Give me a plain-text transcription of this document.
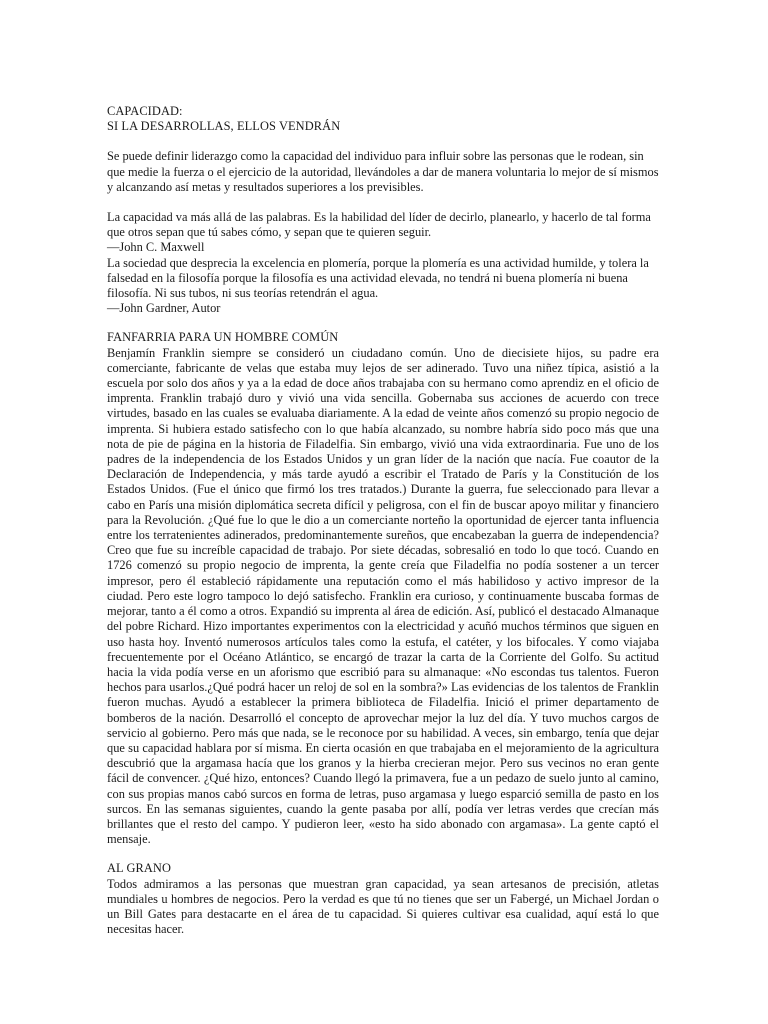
CAPACIDAD:

SI LA DESARROLLAS, ELLOS VENDRÁN

Se puede definir liderazgo como la capacidad del individuo para influir sobre las personas que le rodean, sin que medie la fuerza o el ejercicio de la autoridad, llevándoles a dar de manera voluntaria lo mejor de sí mismos y alcanzando así metas y resultados superiores a los previsibles.

La capacidad va más allá de las palabras. Es la habilidad del líder de decirlo, planearlo, y hacerlo de tal forma que otros sepan que tú sabes cómo, y sepan que te quieren seguir.

—John C. Maxwell

La sociedad que desprecia la excelencia en plomería, porque la plomería es una actividad humilde, y tolera la falsedad en la filosofía porque la filosofía es una actividad elevada, no tendrá ni buena plomería ni buena filosofía. Ni sus tubos, ni sus teorías retendrán el agua.

—John Gardner, Autor

FANFARRIA PARA UN HOMBRE COMÚN

Benjamín Franklin siempre se consideró un ciudadano común. Uno de diecisiete hijos, su padre era comerciante, fabricante de velas que estaba muy lejos de ser adinerado. Tuvo una niñez típica, asistió a la escuela por solo dos años y ya a la edad de doce años trabajaba con su hermano como aprendiz en el oficio de imprenta. Franklin trabajó duro y vivió una vida sencilla. Gobernaba sus acciones de acuerdo con trece virtudes, basado en las cuales se evaluaba diariamente. A la edad de veinte años comenzó su propio negocio de imprenta. Si hubiera estado satisfecho con lo que había alcanzado, su nombre habría sido poco más que una nota de pie de página en la historia de Filadelfia. Sin embargo, vivió una vida extraordinaria. Fue uno de los padres de la independencia de los Estados Unidos y un gran líder de la nación que nacía. Fue coautor de la Declaración de Independencia, y más tarde ayudó a escribir el Tratado de París y la Constitución de los Estados Unidos. (Fue el único que firmó los tres tratados.) Durante la guerra, fue seleccionado para llevar a cabo en París una misión diplomática secreta difícil y peligrosa, con el fin de buscar apoyo militar y financiero para la Revolución. ¿Qué fue lo que le dio a un comerciante norteño la oportunidad de ejercer tanta influencia entre los terratenientes adinerados, predominantemente sureños, que encabezaban la guerra de independencia? Creo que fue su increíble capacidad de trabajo. Por siete décadas, sobresalió en todo lo que tocó. Cuando en 1726 comenzó su propio negocio de imprenta, la gente creía que Filadelfia no podía sostener a un tercer impresor, pero él estableció rápidamente una reputación como el más habilidoso y activo impresor de la ciudad. Pero este logro tampoco lo dejó satisfecho. Franklin era curioso, y continuamente buscaba formas de mejorar, tanto a él como a otros. Expandió su imprenta al área de edición. Así, publicó el destacado Almanaque del pobre Richard. Hizo importantes experimentos con la electricidad y acuñó muchos términos que siguen en uso hasta hoy. Inventó numerosos artículos tales como la estufa, el catéter, y los bifocales. Y como viajaba frecuentemente por el Océano Atlántico, se encargó de trazar la carta de la Corriente del Golfo. Su actitud hacia la vida podía verse en un aforismo que escribió para su almanaque: «No escondas tus talentos. Fueron hechos para usarlos.¿Qué podrá hacer un reloj de sol en la sombra?» Las evidencias de los talentos de Franklin fueron muchas. Ayudó a establecer la primera biblioteca de Filadelfia. Inició el primer departamento de bomberos de la nación. Desarrolló el concepto de aprovechar mejor la luz del día. Y tuvo muchos cargos de servicio al gobierno. Pero más que nada, se le reconoce por su habilidad. A veces, sin embargo, tenía que dejar que su capacidad hablara por sí misma. En cierta ocasión en que trabajaba en el mejoramiento de la agricultura descubrió que la argamasa hacía que los granos y la hierba crecieran mejor. Pero sus vecinos no eran gente fácil de convencer. ¿Qué hizo, entonces? Cuando llegó la primavera, fue a un pedazo de suelo junto al camino, con sus propias manos cabó surcos en forma de letras, puso argamasa y luego esparció semilla de pasto en los surcos. En las semanas siguientes, cuando la gente pasaba por allí, podía ver letras verdes que crecían más brillantes que el resto del campo. Y pudieron leer, «esto ha sido abonado con argamasa». La gente captó el mensaje.

AL GRANO

Todos admiramos a las personas que muestran gran capacidad, ya sean artesanos de precisión, atletas mundiales u hombres de negocios. Pero la verdad es que tú no tienes que ser un Fabergé, un Michael Jordan o un Bill Gates para destacarte en el área de tu capacidad. Si quieres cultivar esa cualidad, aquí está lo que necesitas hacer.
